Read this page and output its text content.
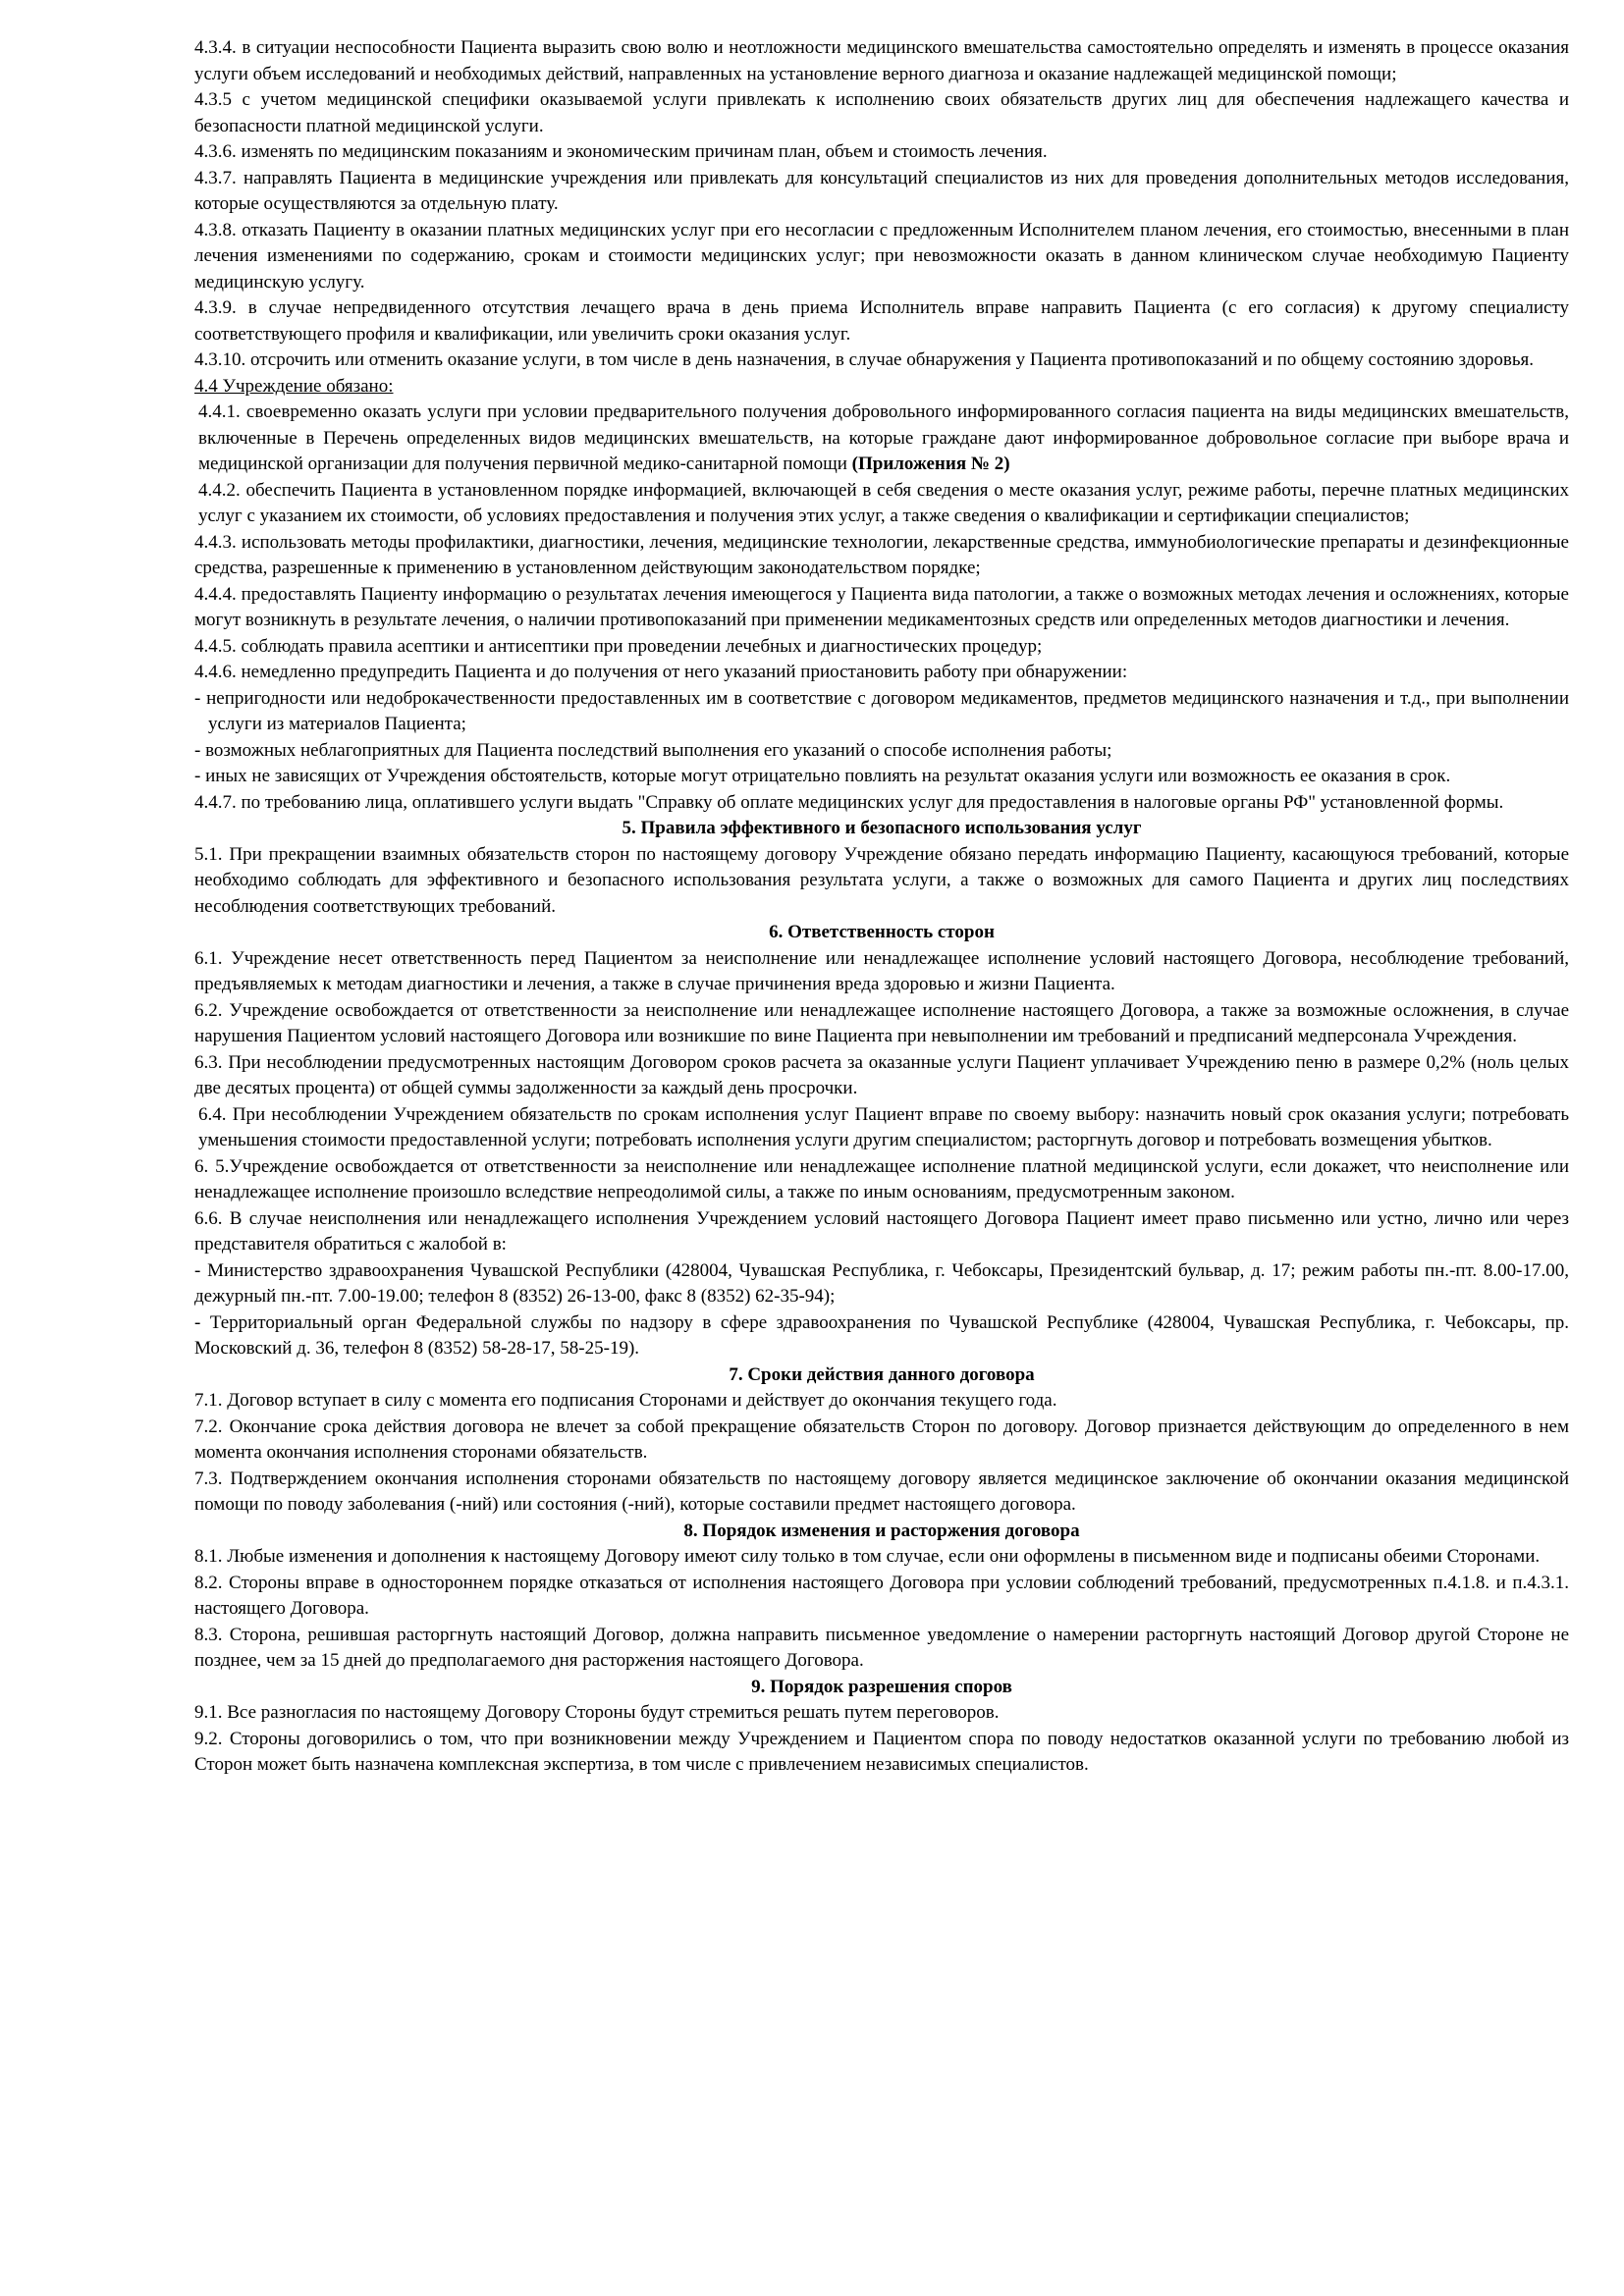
4.3.4. в ситуации неспособности Пациента выразить свою волю и неотложности медицинского вмешательства самостоятельно определять и изменять в процессе оказания услуги объем исследований и необходимых действий, направленных на установление верного диагноза и оказание надлежащей медицинской помощи;

4.3.5 с учетом медицинской специфики оказываемой услуги привлекать к исполнению своих обязательств других лиц для обеспечения надлежащего качества и безопасности платной медицинской услуги.

4.3.6. изменять по медицинским показаниям и экономическим причинам план, объем и стоимость лечения.

4.3.7. направлять Пациента в медицинские учреждения или привлекать для консультаций специалистов из них для проведения дополнительных методов исследования, которые осуществляются за отдельную плату.

4.3.8. отказать Пациенту в оказании платных медицинских услуг при его несогласии с предложенным Исполнителем планом лечения, его стоимостью, внесенными в план лечения изменениями по содержанию, срокам и стоимости медицинских услуг; при невозможности оказать в данном клиническом случае необходимую Пациенту медицинскую услугу.

4.3.9. в случае непредвиденного отсутствия лечащего врача в день приема Исполнитель вправе направить Пациента (с его согласия) к другому специалисту соответствующего профиля и квалификации, или увеличить сроки оказания услуг.

4.3.10. отсрочить или отменить оказание услуги, в том числе в день назначения, в случае обнаружения у Пациента противопоказаний и по общему состоянию здоровья.

4.4 Учреждение обязано:

4.4.1. своевременно оказать услуги при условии предварительного получения добровольного информированного согласия пациента на виды медицинских вмешательств, включенные в Перечень определенных видов медицинских вмешательств, на которые граждане дают информированное добровольное согласие при выборе врача и медицинской организации для получения первичной медико-санитарной помощи (Приложения № 2)

4.4.2. обеспечить Пациента в установленном порядке информацией, включающей в себя сведения о месте оказания услуг, режиме работы, перечне платных медицинских услуг с указанием их стоимости, об условиях предоставления и получения этих услуг, а также сведения о квалификации и сертификации специалистов;

4.4.3. использовать методы профилактики, диагностики, лечения, медицинские технологии, лекарственные средства, иммунобиологические препараты и дезинфекционные средства, разрешенные к применению в установленном действующим законодательством порядке;

4.4.4. предоставлять Пациенту информацию о результатах лечения имеющегося у Пациента вида патологии, а также о возможных методах лечения и осложнениях, которые могут возникнуть в результате лечения, о наличии противопоказаний при применении медикаментозных средств или определенных методов диагностики и лечения.

4.4.5. соблюдать правила асептики и антисептики при проведении лечебных и диагностических процедур;

4.4.6. немедленно предупредить Пациента и до получения от него указаний приостановить работу при обнаружении:

- непригодности или недоброкачественности предоставленных им в соответствие с договором медикаментов, предметов медицинского назначения и т.д., при выполнении услуги из материалов Пациента;

- возможных неблагоприятных для Пациента последствий выполнения его указаний о способе исполнения работы;

- иных не зависящих от Учреждения обстоятельств, которые могут отрицательно повлиять на результат оказания услуги или возможность ее оказания в срок.

4.4.7. по требованию лица, оплатившего услуги выдать "Справку об оплате медицинских услуг для предоставления в налоговые органы РФ" установленной формы.

5. Правила эффективного и безопасного использования услуг

5.1. При прекращении взаимных обязательств сторон по настоящему договору Учреждение обязано передать информацию Пациенту, касающуюся требований, которые необходимо соблюдать для эффективного и безопасного использования результата услуги, а также о возможных для самого Пациента и других лиц последствиях несоблюдения соответствующих требований.

6. Ответственность сторон

6.1. Учреждение несет ответственность перед Пациентом за неисполнение или ненадлежащее исполнение условий настоящего Договора, несоблюдение требований, предъявляемых к методам диагностики и лечения, а также в случае причинения вреда здоровью и жизни Пациента.

6.2. Учреждение освобождается от ответственности за неисполнение или ненадлежащее исполнение настоящего Договора, а также за возможные осложнения, в случае нарушения Пациентом условий настоящего Договора или возникшие по вине Пациента при невыполнении им требований и предписаний медперсонала Учреждения.

6.3. При несоблюдении предусмотренных настоящим Договором сроков расчета за оказанные услуги Пациент уплачивает Учреждению пеню в размере 0,2% (ноль целых две десятых процента) от общей суммы задолженности за каждый день просрочки.

6.4. При несоблюдении Учреждением обязательств по срокам исполнения услуг Пациент вправе по своему выбору: назначить новый срок оказания услуги; потребовать уменьшения стоимости предоставленной услуги; потребовать исполнения услуги другим специалистом; расторгнуть договор и потребовать возмещения убытков.

6. 5.Учреждение освобождается от ответственности за неисполнение или ненадлежащее исполнение платной медицинской услуги, если докажет, что неисполнение или ненадлежащее исполнение произошло вследствие непреодолимой силы, а также по иным основаниям, предусмотренным законом.

6.6. В случае неисполнения или ненадлежащего исполнения Учреждением условий настоящего Договора Пациент имеет право письменно или устно, лично или через представителя обратиться с жалобой в:

- Министерство здравоохранения Чувашской Республики (428004, Чувашская Республика, г. Чебоксары, Президентский бульвар, д. 17; режим работы пн.-пт. 8.00-17.00, дежурный пн.-пт. 7.00-19.00; телефон 8 (8352) 26-13-00, факс 8 (8352) 62-35-94);

- Территориальный орган Федеральной службы по надзору в сфере здравоохранения по Чувашской Республике (428004, Чувашская Республика, г. Чебоксары, пр. Московский д. 36, телефон 8 (8352) 58-28-17, 58-25-19).

7. Сроки действия данного договора

7.1. Договор вступает в силу с момента его подписания Сторонами и действует до окончания текущего года.

7.2. Окончание срока действия договора не влечет за собой прекращение обязательств Сторон по договору. Договор признается действующим до определенного в нем момента окончания исполнения сторонами обязательств.

7.3. Подтверждением окончания исполнения сторонами обязательств по настоящему договору является медицинское заключение об окончании оказания медицинской помощи по поводу заболевания (-ний) или состояния (-ний), которые составили предмет настоящего договора.

8. Порядок изменения и расторжения договора

8.1. Любые изменения и дополнения к настоящему Договору имеют силу только в том случае, если они оформлены в письменном виде и подписаны обеими Сторонами.

8.2. Стороны вправе в одностороннем порядке отказаться от исполнения настоящего Договора при условии соблюдений требований, предусмотренных п.4.1.8. и п.4.3.1. настоящего Договора.

8.3. Сторона, решившая расторгнуть настоящий Договор, должна направить письменное уведомление о намерении расторгнуть настоящий Договор другой Стороне не позднее, чем за 15 дней до предполагаемого дня расторжения настоящего Договора.

9. Порядок разрешения споров

9.1. Все разногласия по настоящему Договору Стороны будут стремиться решать путем переговоров.

9.2. Стороны договорились о том, что при возникновении между Учреждением и Пациентом спора по поводу недостатков оказанной услуги по требованию любой из Сторон может быть назначена комплексная экспертиза, в том числе с привлечением независимых специалистов.
